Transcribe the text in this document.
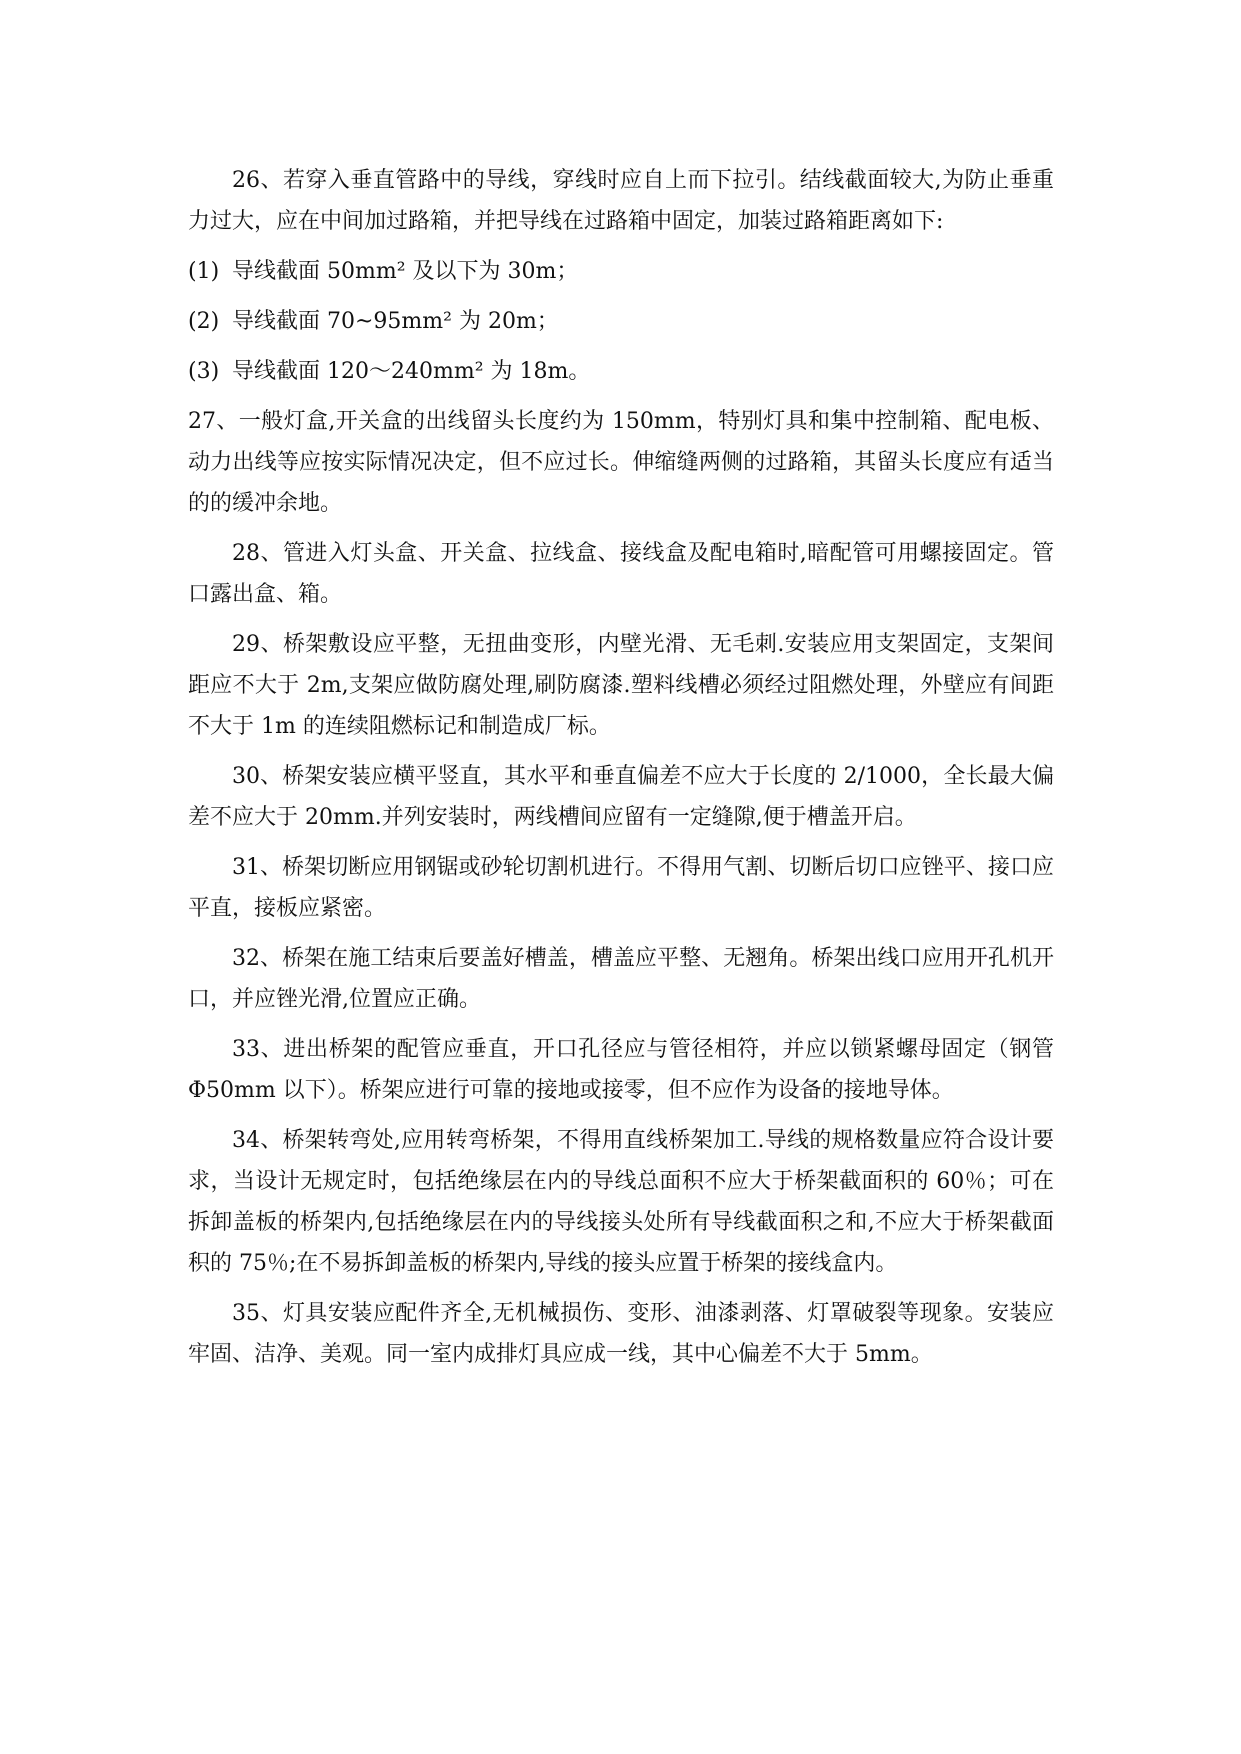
26、若穿入垂直管路中的导线，穿线时应自上而下拉引。结线截面较大,为防止垂重力过大，应在中间加过路箱，并把导线在过路箱中固定，加装过路箱距离如下:

(1) 导线截面 50mm² 及以下为 30m；
(2) 导线截面 70~95mm² 为 20m；
(3) 导线截面 120～240mm² 为 18m。

27、一般灯盒,开关盒的出线留头长度约为 150mm，特别灯具和集中控制箱、配电板、动力出线等应按实际情况决定，但不应过长。伸缩缝两侧的过路箱，其留头长度应有适当的的缓冲余地。

28、管进入灯头盒、开关盒、拉线盒、接线盒及配电箱时,暗配管可用螺接固定。管口露出盒、箱。

29、桥架敷设应平整，无扭曲变形，内壁光滑、无毛刺.安装应用支架固定，支架间距应不大于 2m,支架应做防腐处理,刷防腐漆.塑料线槽必须经过阻燃处理，外壁应有间距不大于 1m 的连续阻燃标记和制造成厂标。

30、桥架安装应横平竖直，其水平和垂直偏差不应大于长度的 2/1000，全长最大偏差不应大于 20mm.并列安装时，两线槽间应留有一定缝隙,便于槽盖开启。

31、桥架切断应用钢锯或砂轮切割机进行。不得用气割、切断后切口应锉平、接口应平直，接板应紧密。

32、桥架在施工结束后要盖好槽盖，槽盖应平整、无翘角。桥架出线口应用开孔机开口，并应锉光滑,位置应正确。

33、进出桥架的配管应垂直，开口孔径应与管径相符，并应以锁紧螺母固定（钢管Φ50mm 以下）。桥架应进行可靠的接地或接零，但不应作为设备的接地导体。

34、桥架转弯处,应用转弯桥架，不得用直线桥架加工.导线的规格数量应符合设计要求，当设计无规定时，包括绝缘层在内的导线总面积不应大于桥架截面积的 60％；可在拆卸盖板的桥架内,包括绝缘层在内的导线接头处所有导线截面积之和,不应大于桥架截面积的 75％;在不易拆卸盖板的桥架内,导线的接头应置于桥架的接线盒内。

35、灯具安装应配件齐全,无机械损伤、变形、油漆剥落、灯罩破裂等现象。安装应牢固、洁净、美观。同一室内成排灯具应成一线，其中心偏差不大于 5mm。
